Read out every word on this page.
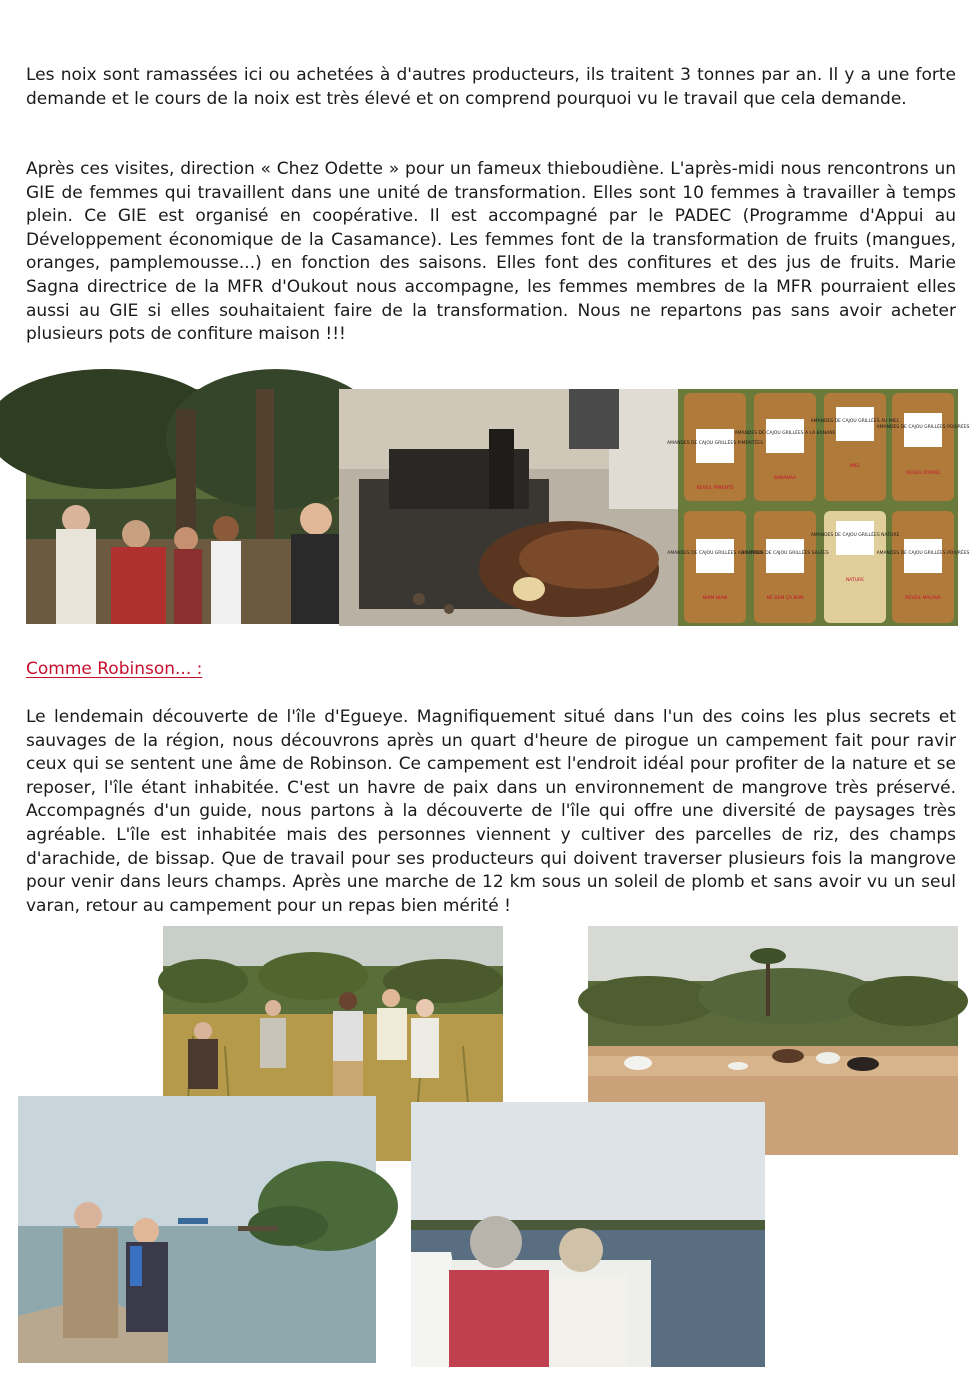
Les noix sont ramassées ici ou achetées à d'autres producteurs, ils traitent 3 tonnes par an. Il y a une forte demande et le cours de la noix est très élevé et on comprend pourquoi vu le travail que cela demande.

Après ces visites, direction « Chez Odette » pour un fameux thieboudiène. L'après-midi nous rencontrons un GIE de femmes qui travaillent dans une unité de transformation. Elles sont 10 femmes à travailler à temps plein. Ce GIE est organisé en coopérative. Il est accompagné par le PADEC (Programme d'Appui au Développement économique de la Casamance). Les femmes font de la transformation de fruits (mangues, oranges, pamplemousse...) en fonction des saisons. Elles font des confitures et des jus de fruits. Marie Sagna directrice de la MFR d'Oukout nous accompagne, les femmes membres de la MFR pourraient elles aussi au GIE si elles souhaitaient faire de la transformation. Nous ne repartons pas sans avoir acheter plusieurs pots de confiture maison !!!

AMANDES DE CAJOU GRILLÉES PIMENTÉES
AMANDES DE CAJOU GRILLÉES A LA BANANE
AMANDES DE CAJOU GRILLÉES AU MIEL
AMANDES DE CAJOU GRILLÉES POIVRÉES
AMANDES DE CAJOU GRILLÉES AU CITRON
AMANDES DE CAJOU GRILLÉES SALÉES
AMANDES DE CAJOU GRILLÉES NATURE
AMANDES DE CAJOU GRILLÉES POIVRÉES
REVEIL PIMENTÉ
BANANAA
MIEL
REVEIL POIVRÉ
NIAM NIAM	NE DEM ÇA BON
NATURE
REVEIL MALAVA

Comme Robinson... :

Le lendemain découverte de l'île d'Egueye. Magnifiquement situé dans l'un des coins les plus secrets et sauvages de la région, nous découvrons après un quart d'heure de pirogue un campement fait pour ravir ceux qui se sentent une âme de Robinson. Ce campement est l'endroit idéal pour profiter de la nature et se reposer, l'île étant inhabitée. C'est un havre de paix dans un environnement de mangrove très préservé. Accompagnés d'un guide, nous partons à la découverte de l'île qui offre une diversité de paysages très agréable. L'île est inhabitée mais des personnes viennent y cultiver des parcelles de riz, des champs d'arachide, de bissap. Que de travail pour ses producteurs qui doivent traverser plusieurs fois la mangrove pour venir dans leurs champs. Après une marche de 12 km sous un soleil de plomb et sans avoir vu un seul varan, retour au campement pour un repas bien mérité !
